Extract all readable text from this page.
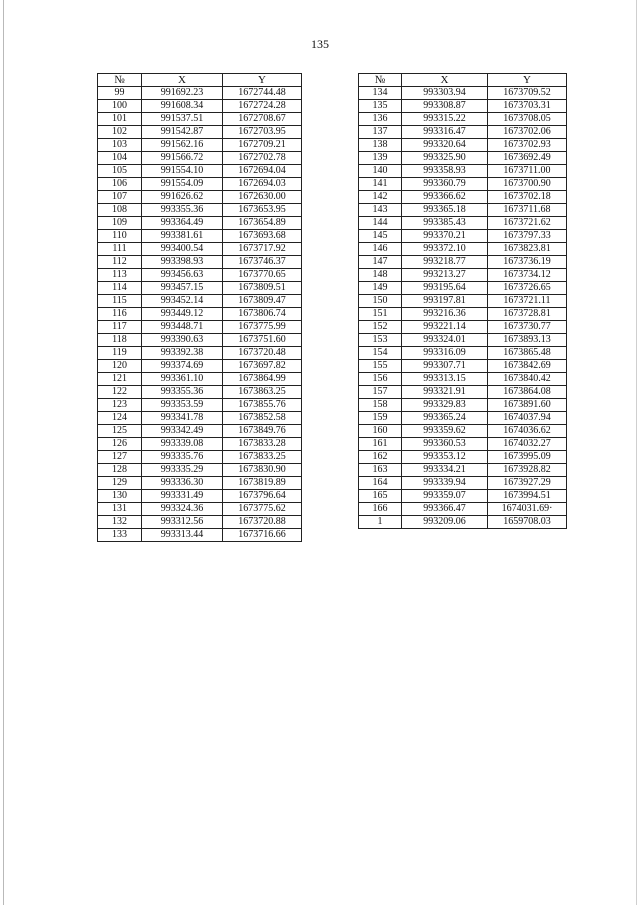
135
№	X	Y
99	991692.23	1672744.48
100	991608.34	1672724.28
101	991537.51	1672708.67
102	991542.87	1672703.95
103	991562.16	1672709.21
104	991566.72	1672702.78
105	991554.10	1672694.04
106	991554.09	1672694.03
107	991626.62	1672630.00
108	993355.36	1673653.95
109	993364.49	1673654.89
110	993381.61	1673693.68
111	993400.54	1673717.92
112	993398.93	1673746.37
113	993456.63	1673770.65
114	993457.15	1673809.51
115	993452.14	1673809.47
116	993449.12	1673806.74
117	993448.71	1673775.99
118	993390.63	1673751.60
119	993392.38	1673720.48
120	993374.69	1673697.82
121	993361.10	1673864.99
122	993355.36	1673863.25
123	993353.59	1673855.76
124	993341.78	1673852.58
125	993342.49	1673849.76
126	993339.08	1673833.28
127	993335.76	1673833.25
128	993335.29	1673830.90
129	993336.30	1673819.89
130	993331.49	1673796.64
131	993324.36	1673775.62
132	993312.56	1673720.88
133	993313.44	1673716.66
№	X	Y
134	993303.94	1673709.52
135	993308.87	1673703.31
136	993315.22	1673708.05
137	993316.47	1673702.06
138	993320.64	1673702.93
139	993325.90	1673692.49
140	993358.93	1673711.00
141	993360.79	1673700.90
142	993366.62	1673702.18
143	993365.18	1673711.68
144	993385.43	1673721.62
145	993370.21	1673797.33
146	993372.10	1673823.81
147	993218.77	1673736.19
148	993213.27	1673734.12
149	993195.64	1673726.65
150	993197.81	1673721.11
151	993216.36	1673728.81
152	993221.14	1673730.77
153	993324.01	1673893.13
154	993316.09	1673865.48
155	993307.71	1673842.69
156	993313.15	1673840.42
157	993321.91	1673864.08
158	993329.83	1673891.60
159	993365.24	1674037.94
160	993359.62	1674036.62
161	993360.53	1674032.27
162	993353.12	1673995.09
163	993334.21	1673928.82
164	993339.94	1673927.29
165	993359.07	1673994.51
166	993366.47	1674031.69·
1	993209.06	1659708.03
